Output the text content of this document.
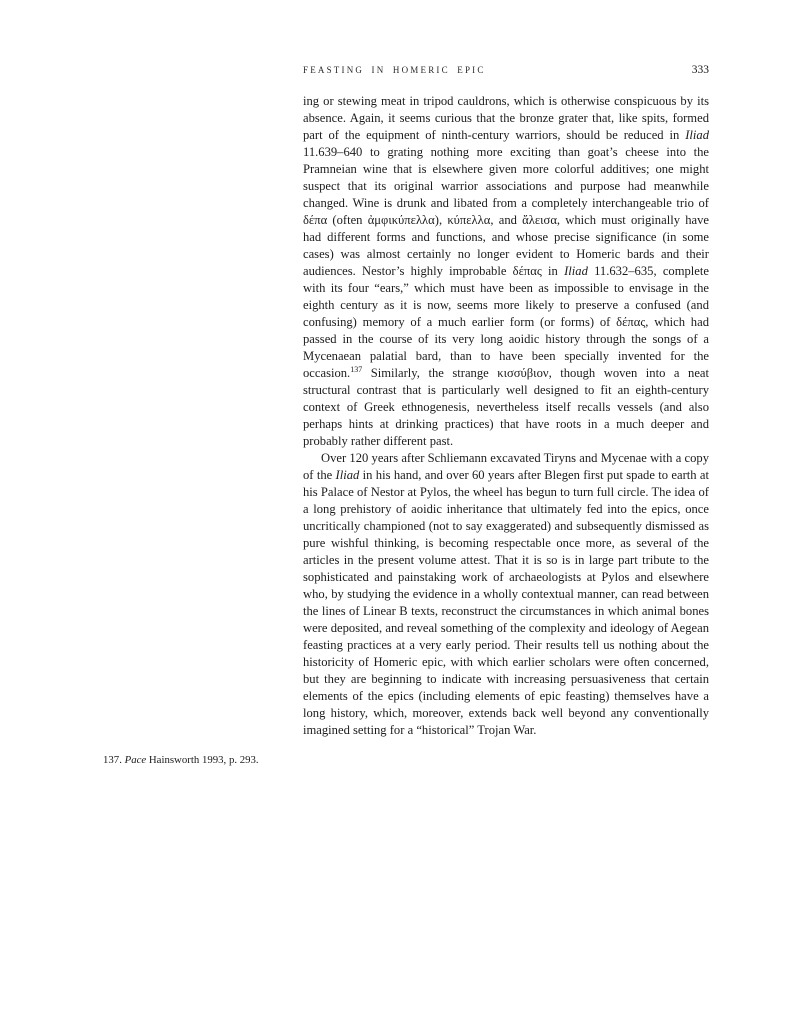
FEASTING IN HOMERIC EPIC	333

ing or stewing meat in tripod cauldrons, which is otherwise conspicuous by its absence. Again, it seems curious that the bronze grater that, like spits, formed part of the equipment of ninth-century warriors, should be reduced in Iliad 11.639–640 to grating nothing more exciting than goat’s cheese into the Pramneian wine that is elsewhere given more colorful additives; one might suspect that its original warrior associations and purpose had meanwhile changed. Wine is drunk and libated from a completely interchangeable trio of δέπα (often ἀμφικύπελλα), κύπελλα, and ἄλεισα, which must originally have had different forms and functions, and whose precise significance (in some cases) was almost certainly no longer evident to Homeric bards and their audiences. Nestor’s highly improbable δέπας in Iliad 11.632–635, complete with its four “ears,” which must have been as impossible to envisage in the eighth century as it is now, seems more likely to preserve a confused (and confusing) memory of a much earlier form (or forms) of δέπας, which had passed in the course of its very long aoidic history through the songs of a Mycenaean palatial bard, than to have been specially invented for the occasion.$^{137}$ Similarly, the strange κισσύβιον, though woven into a neat structural contrast that is particularly well designed to fit an eighth-century context of Greek ethnogenesis, nevertheless itself recalls vessels (and also perhaps hints at drinking practices) that have roots in a much deeper and probably rather different past.

Over 120 years after Schliemann excavated Tiryns and Mycenae with a copy of the Iliad in his hand, and over 60 years after Blegen first put spade to earth at his Palace of Nestor at Pylos, the wheel has begun to turn full circle. The idea of a long prehistory of aoidic inheritance that ultimately fed into the epics, once uncritically championed (not to say exaggerated) and subsequently dismissed as pure wishful thinking, is becoming respectable once more, as several of the articles in the present volume attest. That it is so is in large part tribute to the sophisticated and painstaking work of archaeologists at Pylos and elsewhere who, by studying the evidence in a wholly contextual manner, can read between the lines of Linear B texts, reconstruct the circumstances in which animal bones were deposited, and reveal something of the complexity and ideology of Aegean feasting practices at a very early period. Their results tell us nothing about the historicity of Homeric epic, with which earlier scholars were often concerned, but they are beginning to indicate with increasing persuasiveness that certain elements of the epics (including elements of epic feasting) themselves have a long history, which, moreover, extends back well beyond any conventionally imagined setting for a “historical” Trojan War.

137. Pace Hainsworth 1993, p. 293.
